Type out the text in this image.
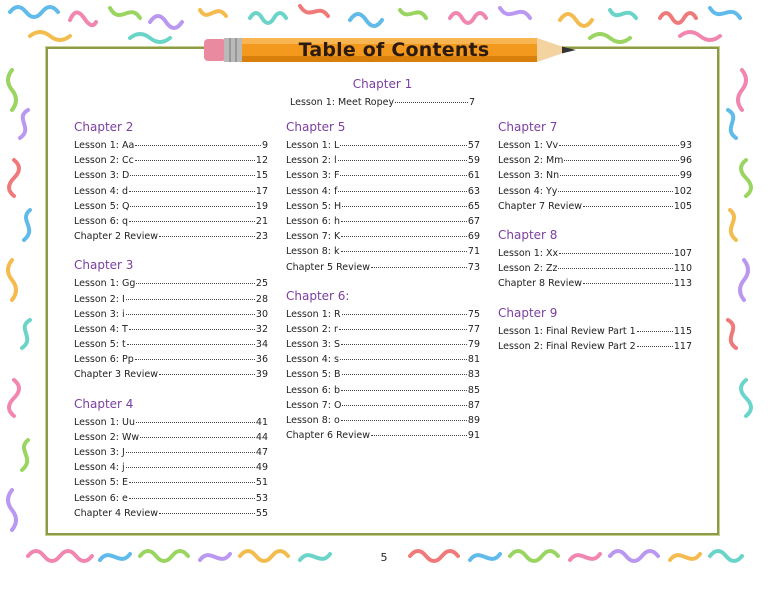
Table of Contents
Chapter 1
Lesson 1: Meet Ropey	7
Chapter 2
Lesson 1: Aa	9
Lesson 2: Cc	12
Lesson 3: D	15
Lesson 4: d	17
Lesson 5: Q	19
Lesson 6: q	21
Chapter 2 Review	23
Chapter 3
Lesson 1: Gg	25
Lesson 2: I	28
Lesson 3: i	30
Lesson 4: T	32
Lesson 5: t	34
Lesson 6: Pp	36
Chapter 3 Review	39
Chapter 4
Lesson 1: Uu	41
Lesson 2: Ww	44
Lesson 3: J	47
Lesson 4: j	49
Lesson 5: E	51
Lesson 6: e	53
Chapter 4 Review	55
Chapter 5
Lesson 1: L	57
Lesson 2: l	59
Lesson 3: F	61
Lesson 4: f	63
Lesson 5: H	65
Lesson 6: h	67
Lesson 7: K	69
Lesson 8: k	71
Chapter 5 Review	73
Chapter 6:
Lesson 1: R	75
Lesson 2: r	77
Lesson 3: S	79
Lesson 4: s	81
Lesson 5: B	83
Lesson 6: b	85
Lesson 7: O	87
Lesson 8: o	89
Chapter 6 Review	91
Chapter 7
Lesson 1: Vv	93
Lesson 2: Mm	96
Lesson 3: Nn	99
Lesson 4: Yy	102
Chapter 7 Review	105
Chapter 8
Lesson 1: Xx	107
Lesson 2: Zz	110
Chapter 8 Review	113
Chapter 9
Lesson 1: Final Review Part 1	115
Lesson 2: Final Review Part 2	117
5
